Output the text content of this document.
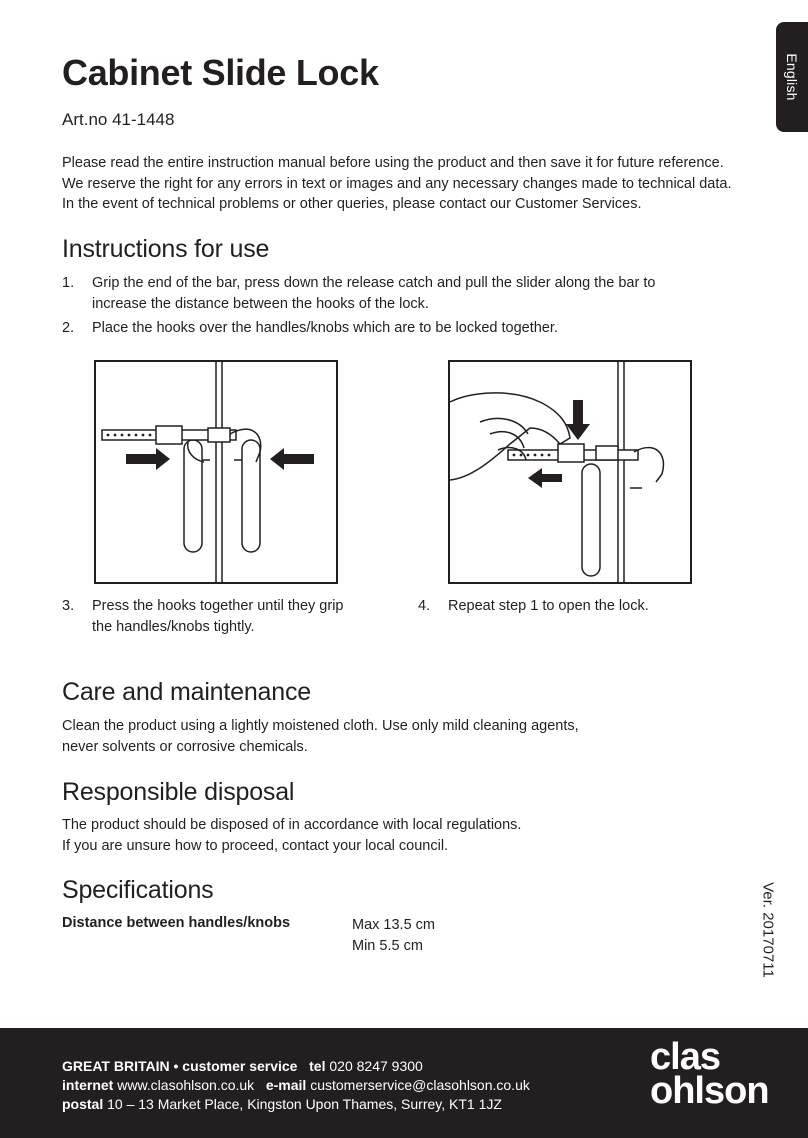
English
Cabinet Slide Lock
Art.no 41-1448
Please read the entire instruction manual before using the product and then save it for future reference.
We reserve the right for any errors in text or images and any necessary changes made to technical data.
In the event of technical problems or other queries, please contact our Customer Services.
Instructions for use
1. Grip the end of the bar, press down the release catch and pull the slider along the bar to
increase the distance between the hooks of the lock.
2. Place the hooks over the handles/knobs which are to be locked together.
3. Press the hooks together until they grip
the handles/knobs tightly.
4. Repeat step 1 to open the lock.
Care and maintenance
Clean the product using a lightly moistened cloth. Use only mild cleaning agents,
never solvents or corrosive chemicals.
Responsible disposal
The product should be disposed of in accordance with local regulations.
If you are unsure how to proceed, contact your local council.
Specifications
Distance between handles/knobs	Max 13.5 cm
Min 5.5 cm	Ver. 20170711
GREAT BRITAIN • customer service tel 020 8247 9300
internet www.clasohlson.co.uk e-mail customerservice@clasohlson.co.uk
postal 10 – 13 Market Place, Kingston Upon Thames, Surrey, KT1 1JZ
clas
ohlson
